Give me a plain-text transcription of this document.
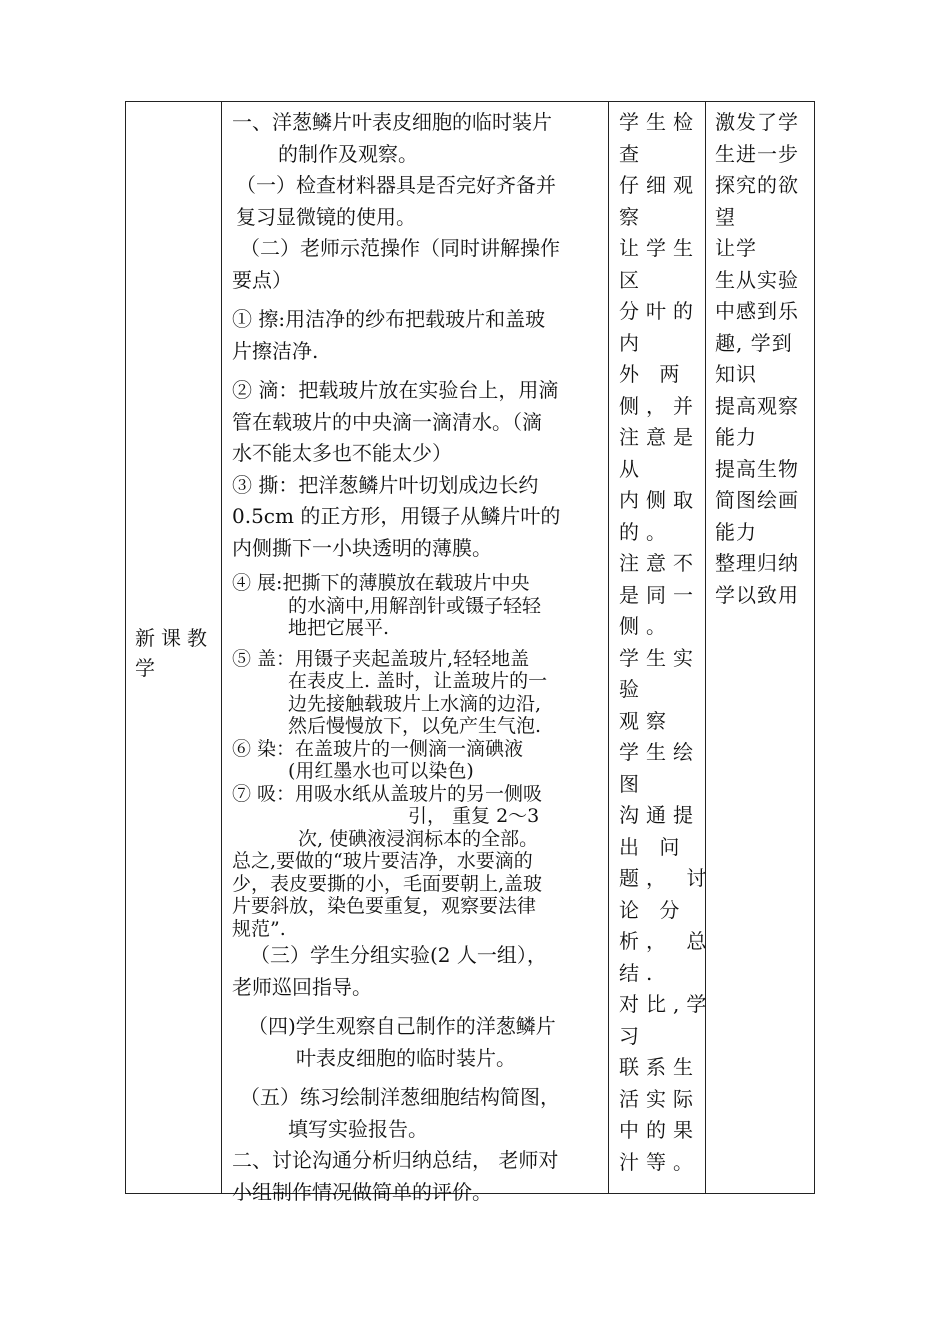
新课教学
一、洋葱鳞片叶表皮细胞的临时装片
的制作及观察。
（一）检查材料器具是否完好齐备并
复习显微镜的使用。
（二）老师示范操作（同时讲解操作
要点）
① 擦:用洁净的纱布把载玻片和盖玻
片擦洁净.
② 滴：把载玻片放在实验台上，用滴
管在载玻片的中央滴一滴清水。（滴
水不能太多也不能太少）
③ 撕：把洋葱鳞片叶切划成边长约
0.5cm 的正方形，用镊子从鳞片叶的
内侧撕下一小块透明的薄膜。
④ 展:把撕下的薄膜放在载玻片中央
的水滴中,用解剖针或镊子轻轻
地把它展平.
⑤ 盖：用镊子夹起盖玻片,轻轻地盖
在表皮上. 盖时，让盖玻片的一
边先接触载玻片上水滴的边沿,
然后慢慢放下，以免产生气泡.
⑥ 染：在盖玻片的一侧滴一滴碘液
(用红墨水也可以染色)
⑦ 吸：用吸水纸从盖玻片的另一侧吸
引， 重复 2～3
次, 使碘液浸润标本的全部。
总之,要做的“玻片要洁净，水要滴的
少，表皮要撕的小，毛面要朝上,盖玻
片要斜放，染色要重复，观察要法律
规范”.
（三）学生分组实验(2 人一组），
老师巡回指导。
（四)学生观察自己制作的洋葱鳞片
叶表皮细胞的临时装片。
（五）练习绘制洋葱细胞结构简图，
填写实验报告。
二、讨论沟通分析归纳总结， 老师对
小组制作情况做简单的评价。
学生检
查
仔细观
察
让学生
区
分叶的
内
外 两
侧，并
注意是
从
内侧取
的。
注意不
是同一
侧。
学生实
验
观察
学生绘
图
沟通提
出 问
题， 讨
论 分
析， 总
结.
对比,学
习
联系生
活实际
中的果
汁等。
激发了学
生进一步
探究的欲
望
让学
生从实验
中感到乐
趣, 学到
知识
提高观察
能力
提高生物
简图绘画
能力
整理归纳
学以致用
